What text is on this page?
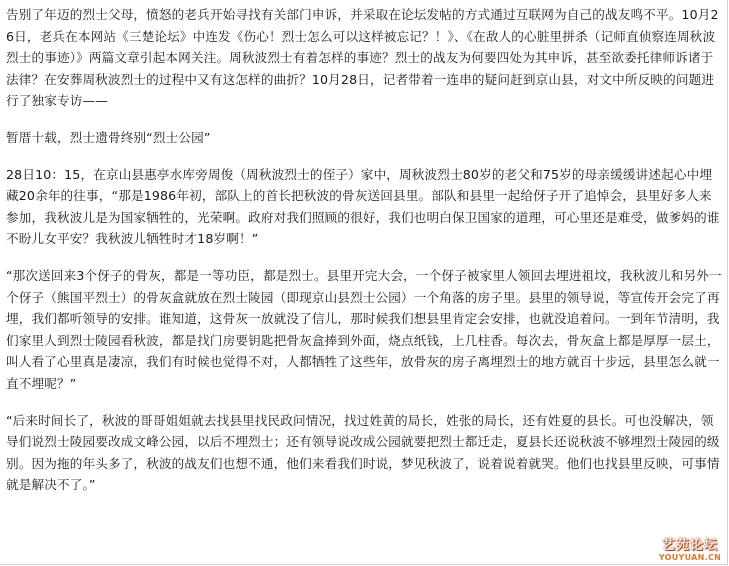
告别了年迈的烈士父母，愤怒的老兵开始寻找有关部门申诉，并采取在论坛发帖的方式通过互联网为自己的战友鸣不平。10月26日，老兵在本网站《三楚论坛》中连发《伤心！烈士怎么可以这样被忘记？！》、《在敌人的心脏里拼杀（记师直侦察连周秋波烈士的事迹）》两篇文章引起本网关注。周秋波烈士有着怎样的事迹？烈士的战友为何要四处为其申诉，甚至欲委托律师诉诸于法律？在安葬周秋波烈士的过程中又有这怎样的曲折？10月28日，记者带着一连串的疑问赶到京山县，对文中所反映的问题进行了独家专访——

暂厝十载，烈士遗骨终别“烈士公园”

28日10：15，在京山县惠亭水库旁周俊（周秋波烈士的侄子）家中，周秋波烈士80岁的老父和75岁的母亲缓缓讲述起心中埋藏20余年的往事，“那是1986年初，部队上的首长把秋波的骨灰送回县里。部队和县里一起给伢子开了追悼会，县里好多人来参加，我秋波儿是为国家牺牲的，光荣啊。政府对我们照顾的很好，我们也明白保卫国家的道理，可心里还是难受，做爹妈的谁不盼儿女平安？我秋波儿牺牲时才18岁啊！”

“那次送回来3个伢子的骨灰，都是一等功臣，都是烈士。县里开完大会，一个伢子被家里人领回去埋进祖坟，我秋波儿和另外一个伢子（熊国平烈士）的骨灰盒就放在烈士陵园（即现京山县烈士公园）一个角落的房子里。县里的领导说，等宣传开会完了再埋，我们都听领导的安排。谁知道，这骨灰一放就没了信儿，那时候我们想县里肯定会安排，也就没追着问。一到年节清明，我们家里人到烈士陵园看秋波，都是找门房要钥匙把骨灰盒捧到外面，烧点纸钱，上几柱香。每次去，骨灰盒上都是厚厚一层土，叫人看了心里真是凄凉，我们有时候也觉得不对，人都牺牲了这些年，放骨灰的房子离埋烈士的地方就百十步远，县里怎么就一直不埋呢？”

“后来时间长了，秋波的哥哥姐姐就去找县里找民政问情况，找过姓黄的局长，姓张的局长，还有姓夏的县长。可也没解决，领导们说烈士陵园要改成文峰公园，以后不埋烈士；还有领导说改成公园就要把烈士都迁走，夏县长还说秋波不够埋烈士陵园的级别。因为拖的年头多了，秋波的战友们也想不通，他们来看我们时说，梦见秋波了，说着说着就哭。他们也找县里反映，可事情就是解决不了。”

艺苑论坛
YOUYUAN.CN
